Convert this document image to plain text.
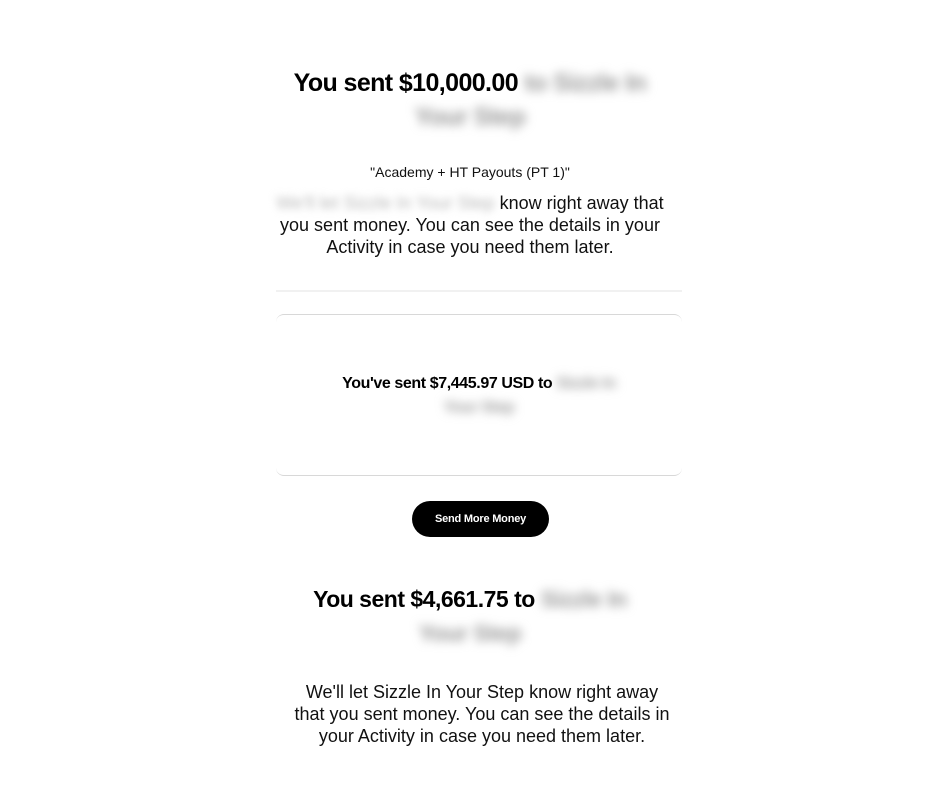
You sent $10,000.00 to Sizzle In
Your Step
"Academy + HT Payouts (PT 1)"
We'll let Sizzle In Your Step know right away that you sent money. You can see the details in your Activity in case you need them later.
You've sent $7,445.97 USD to Sizzle In
Your Step
Send More Money
You sent $4,661.75 to Sizzle In
Your Step
We'll let Sizzle In Your Step know right away that you sent money. You can see the details in your Activity in case you need them later.
